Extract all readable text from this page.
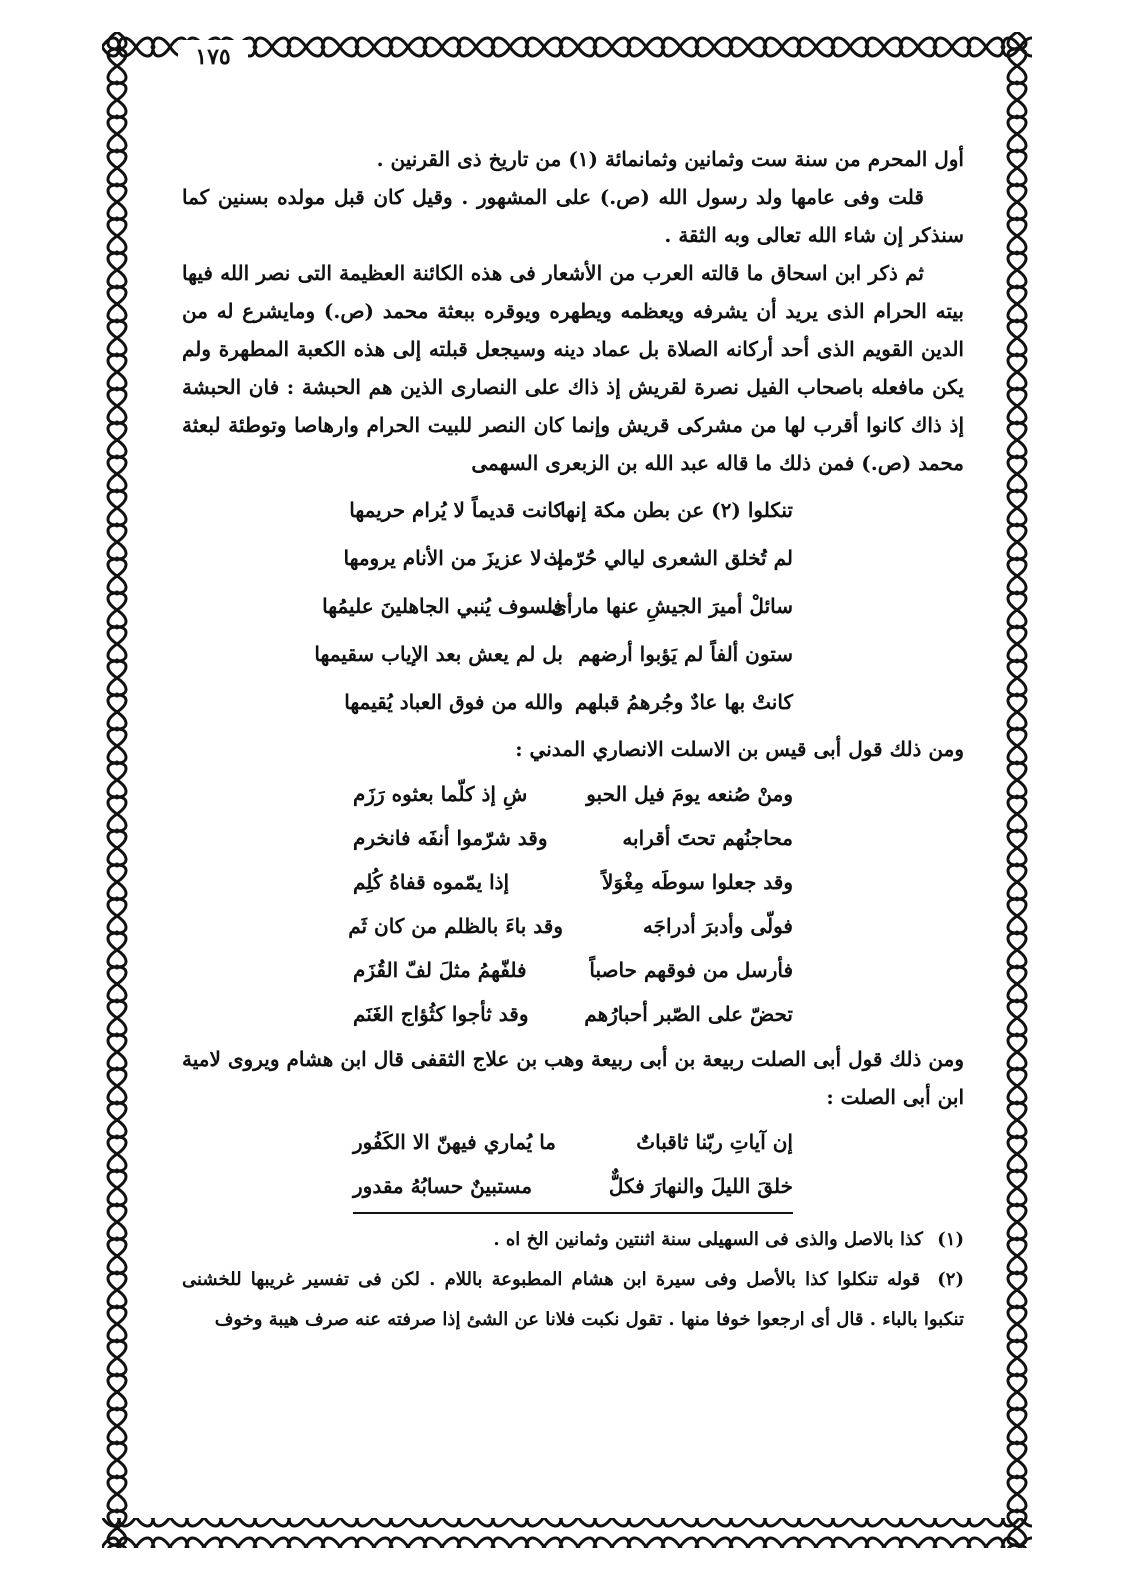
١٧٥

أول المحرم من سنة ست وثمانين وثمانمائة (١) من تاريخ ذى القرنين .

قلت وفى عامها ولد رسول الله (ص.) على المشهور . وقيل كان قبل مولده بسنين كما سنذكر إن شاء الله تعالى وبه الثقة .

ثم ذكر ابن اسحاق ما قالته العرب من الأشعار فى هذه الكائنة العظيمة التى نصر الله فيها بيته الحرام الذى يريد أن يشرفه ويعظمه ويطهره ويوقره ببعثة محمد (ص.) ومايشرع له من الدين القويم الذى أحد أركانه الصلاة بل عماد دينه وسيجعل قبلته إلى هذه الكعبة المطهرة ولم يكن مافعله باصحاب الفيل نصرة لقريش إذ ذاك على النصارى الذين هم الحبشة : فان الحبشة إذ ذاك كانوا أقرب لها من مشركى قريش وإنما كان النصر للبيت الحرام وارهاصا وتوطئة لبعثة محمد (ص.) فمن ذلك ما قاله عبد الله بن الزبعرى السهمى

تنكلوا (٢) عن بطن مكة إنها
كانت قديماً لا يُرام حريمها
لم تُخلق الشعرى ليالي حُرّمت
إذ لا عزيزَ من الأنام يرومها
سائلْ أميرَ الجيشِ عنها مارأى
فلسوف يُنبي الجاهلينَ عليمُها
ستون ألفاً لم يَؤبوا أرضهم
بل لم يعش بعد الإياب سقيمها
كانتْ بها عادٌ وجُرهمُ قبلهم
والله من فوق العباد يُقيمها

ومن ذلك قول أبى قيس بن الاسلت الانصاري المدني :

ومنْ صُنعه يومَ فيل الحبو
شِ إذ كلّما بعثوه رَزَم
محاجنُهم تحتَ أقرابه
وقد شرّموا أنفَه فانخرم
وقد جعلوا سوطَه مِغْوَلاً
إذا يمّموه قفاهُ كُلِم
فولّى وأدبرَ أدراجَه
وقد باءَ بالظلم من كان ثَم
فأرسل من فوقهم حاصباً
فلفّهمُ مثلَ لفّ القُزَم
تحضّ على الصّبر أحبارُهم
وقد ثأجوا كثُؤاج الغَنَم

ومن ذلك قول أبى الصلت ربيعة بن أبى ربيعة وهب بن علاج الثقفى قال ابن هشام ويروى لامية ابن أبى الصلت :

إن آياتِ ربّنا ثاقباتٌ
ما يُماري فيهنّ الا الكَفُور
خلقَ الليلَ والنهارَ فكلٌّ
مستبينٌ حسابُهُ مقدور

(١) كذا بالاصل والذى فى السهيلى سنة اثنتين وثمانين الخ اه .

(٢) قوله تنكلوا كذا بالأصل وفى سيرة ابن هشام المطبوعة باللام . لكن فى تفسير غريبها للخشنى تنكبوا بالباء . قال أى ارجعوا خوفا منها . تقول نكبت فلانا عن الشئ إذا صرفته عنه صرف هيبة وخوف
